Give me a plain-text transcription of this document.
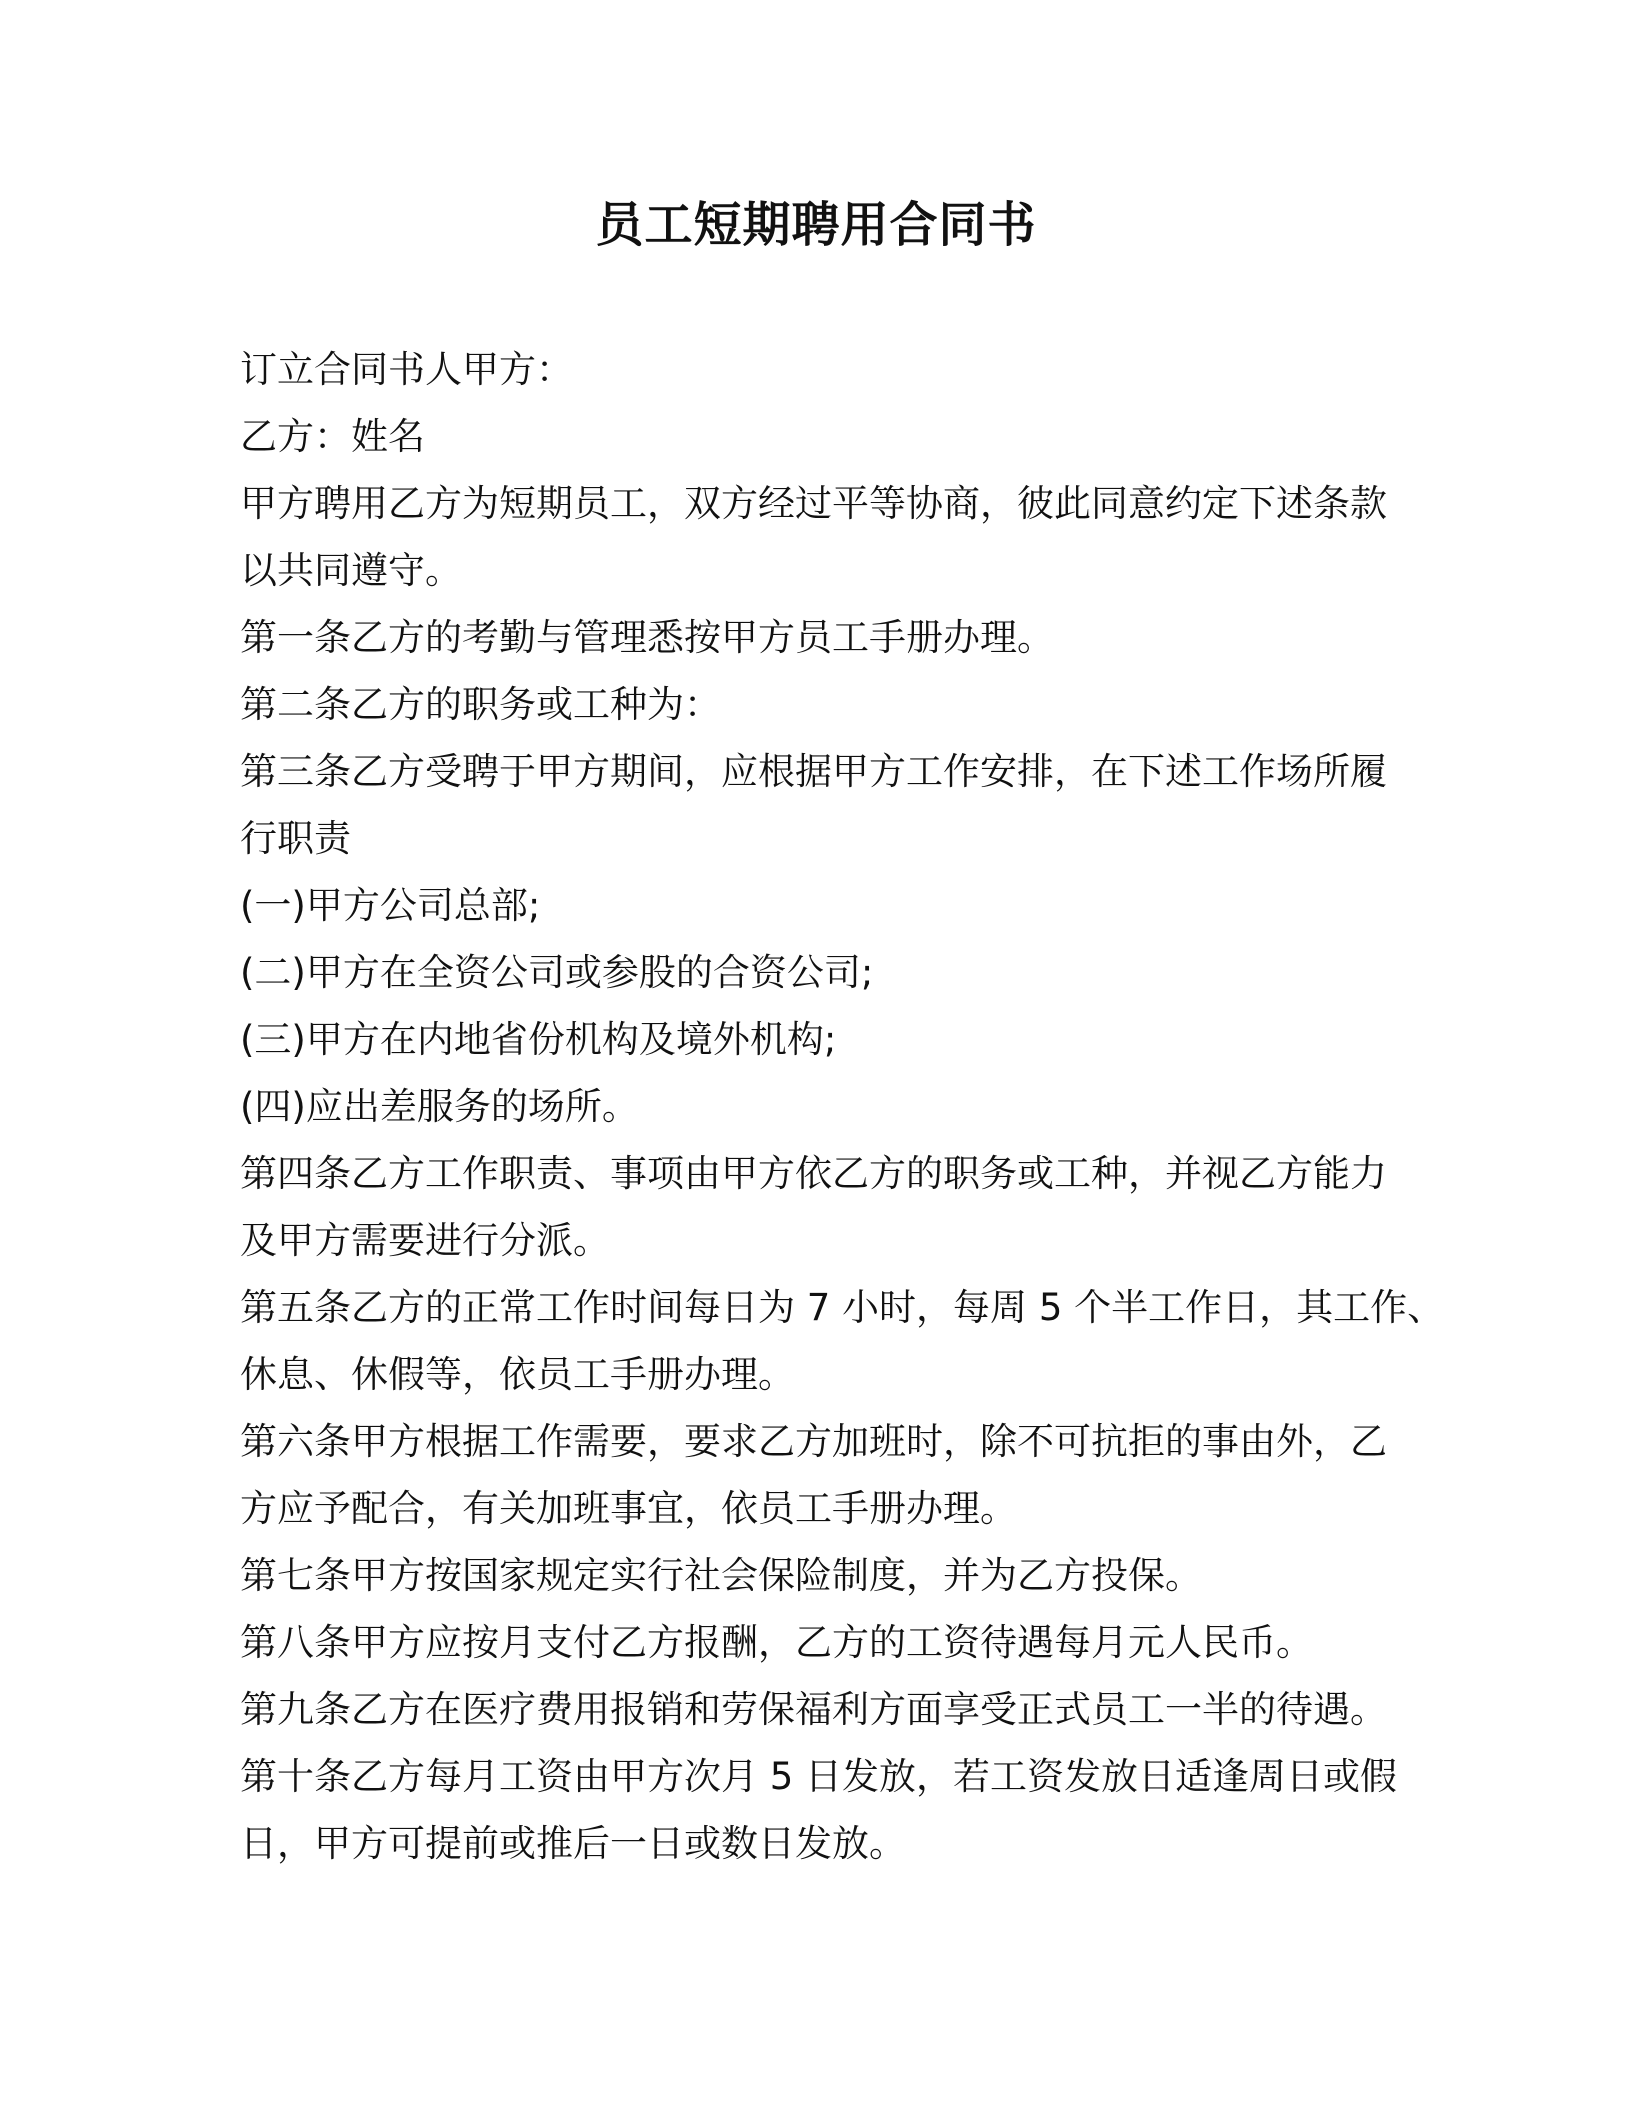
员工短期聘用合同书

订立合同书人甲方：

乙方：姓名

甲方聘用乙方为短期员工，双方经过平等协商，彼此同意约定下述条款

以共同遵守。

第一条乙方的考勤与管理悉按甲方员工手册办理。

第二条乙方的职务或工种为：

第三条乙方受聘于甲方期间，应根据甲方工作安排，在下述工作场所履

行职责

(一)甲方公司总部;

(二)甲方在全资公司或参股的合资公司;

(三)甲方在内地省份机构及境外机构;

(四)应出差服务的场所。

第四条乙方工作职责、事项由甲方依乙方的职务或工种，并视乙方能力

及甲方需要进行分派。

第五条乙方的正常工作时间每日为 7 小时，每周 5 个半工作日，其工作、

休息、休假等，依员工手册办理。

第六条甲方根据工作需要，要求乙方加班时，除不可抗拒的事由外，乙

方应予配合，有关加班事宜，依员工手册办理。

第七条甲方按国家规定实行社会保险制度，并为乙方投保。

第八条甲方应按月支付乙方报酬，乙方的工资待遇每月元人民币。

第九条乙方在医疗费用报销和劳保福利方面享受正式员工一半的待遇。

第十条乙方每月工资由甲方次月 5 日发放，若工资发放日适逢周日或假

日，甲方可提前或推后一日或数日发放。
